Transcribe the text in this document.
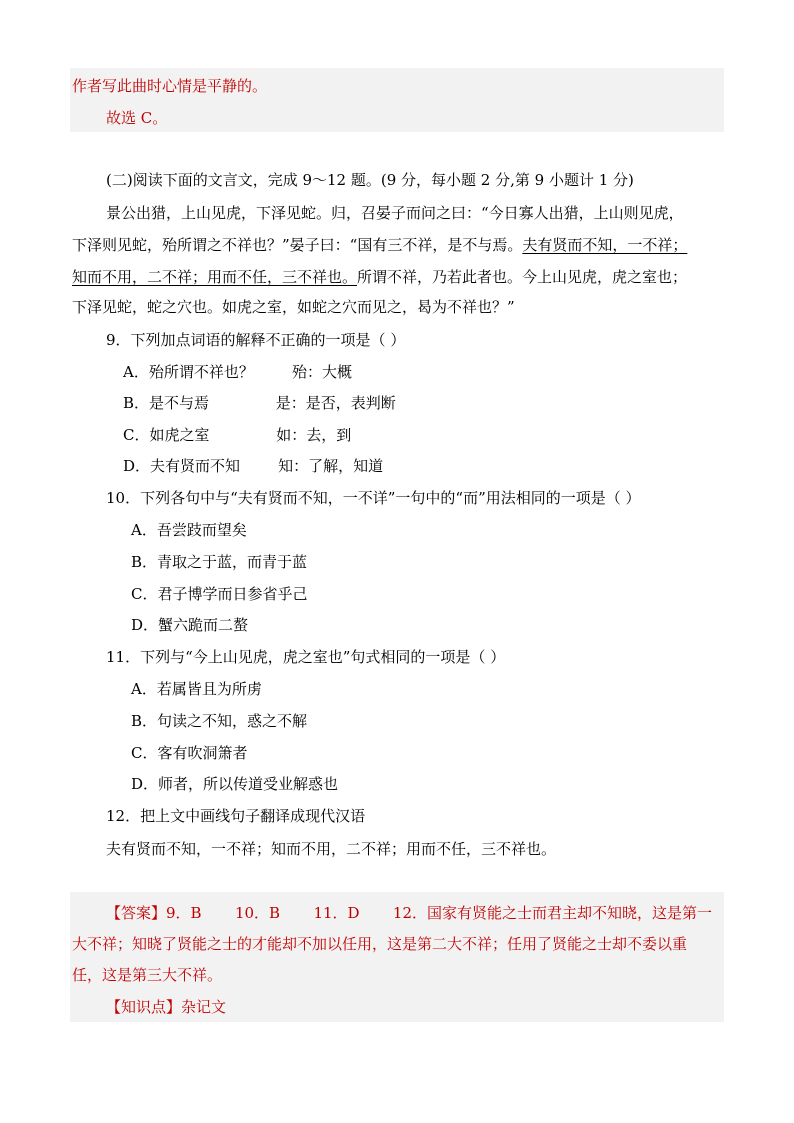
作者写此曲时心情是平静的。
故选 C。
(二)阅读下面的文言文，完成 9～12 题。(9 分，每小题 2 分,第 9 小题计 1 分)
景公出猎，上山见虎，下泽见蛇。归，召晏子而问之曰：“今日寡人出猎，上山则见虎，
下泽则见蛇，殆所谓之不祥也？”晏子曰：“国有三不祥，是不与焉。夫有贤而不知，一不祥；
知而不用，二不祥；用而不任，三不祥也。所谓不祥，乃若此者也。今上山见虎，虎之室也；
下泽见蛇，蛇之穴也。如虎之室，如蛇之穴而见之，曷为不祥也？”
9．下列加点词语的解释不正确的一项是（ ）
A．殆所谓不祥也？        殆：大概
B．是不与焉              是：是否，表判断
C．如虎之室              如：去，到
D．夫有贤而不知        知：了解，知道
10．下列各句中与“夫有贤而不知，一不详”一句中的“而”用法相同的一项是（ ）
A．吾尝跂而望矣
B．青取之于蓝，而青于蓝
C．君子博学而日参省乎己
D．蟹六跪而二螯
11．下列与“今上山见虎，虎之室也”句式相同的一项是（ ）
A．若属皆且为所虏
B．句读之不知，惑之不解
C．客有吹洞箫者
D．师者，所以传道受业解惑也
12．把上文中画线句子翻译成现代汉语
夫有贤而不知，一不祥；知而不用，二不祥；用而不任，三不祥也。
【答案】9．B       10．B       11．D       12．国家有贤能之士而君主却不知晓，这是第一
大不祥；知晓了贤能之士的才能却不加以任用，这是第二大不祥；任用了贤能之士却不委以重
任，这是第三大不祥。
【知识点】杂记文
